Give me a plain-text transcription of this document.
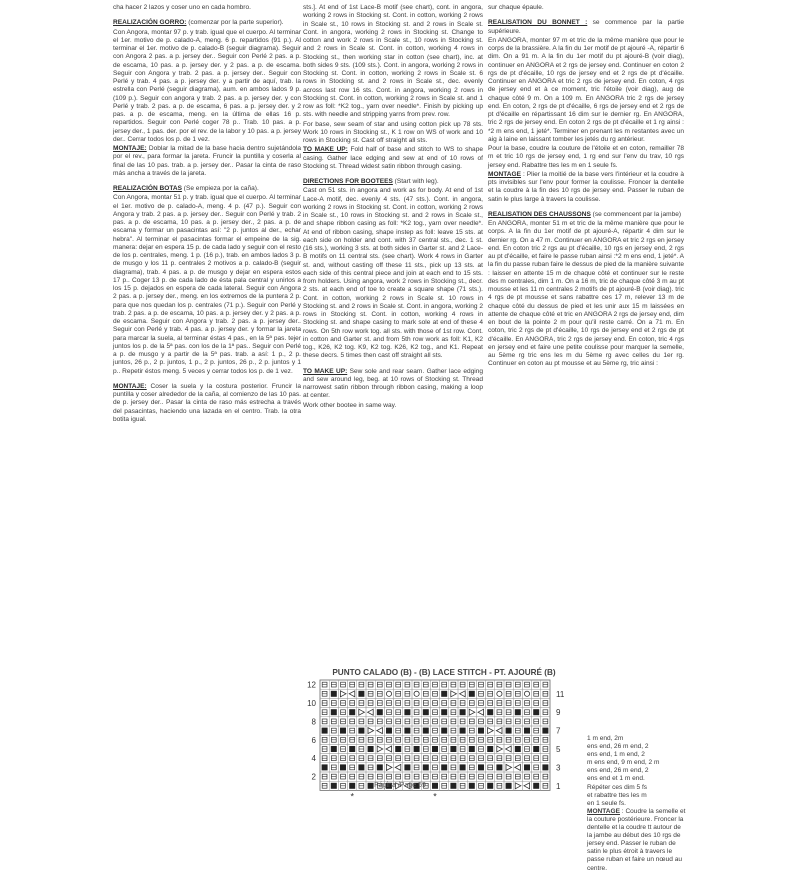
cha hacer 2 lazos y coser uno en cada hombro.

REALIZACIÓN GORRO: (comenzar por la parte superior).

Con Angora, montar 97 p. y trab. igual que el cuerpo. Al terminar el 1er. motivo de p. calado-A, meng. 6 p. repartidos (91 p.). Al terminar el 1er. motivo de p. calado-B (seguir diagrama). Seguir con Angora 2 pas. a p. jersey der.. Seguir con Perlé 2 pas. a p. de escama, 10 pas. a p. jersey der. y 2 pas. a p. de escama. Seguir con Angora y trab. 2 pas. a p. jersey der.. Seguir con Perlé y trab. 4 pas. a p. jersey der. y a partir de aquí, trab. la estrella con Perlé (seguir diagrama), aum. en ambos lados 9 p. (109 p.). Seguir con angora y trab. 2 pas. a p. jersey der. y con Perlé y trab. 2 pas. a p. de escama, 6 pas. a p. jersey der. y 2 pas. a p. de escama, meng. en la última de ellas 16 p. repartidos. Seguir con Perlé coger 78 p.. Trab. 10 pas. a p. jersey der., 1 pas. der. por el rev. de la labor y 10 pas. a p. jersey der.. Cerrar todos los p. de 1 vez.

MONTAJE: Doblar la mitad de la base hacia dentro sujetándola por el rev., para formar la jareta. Fruncir la puntilla y coserla al final de las 10 pas. trab. a p. jersey der.. Pasar la cinta de raso más ancha a través de la jareta.

REALIZACIÓN BOTAS (Se empieza por la caña).

Con Angora, montar 51 p. y trab. igual que el cuerpo. Al terminar el 1er. motivo de p. calado-A, meng. 4 p. (47 p.). Seguir con Angora y trab. 2 pas. a p. jersey der.. Seguir con Perlé y trab. 2 pas. a p. de escama, 10 pas. a p. jersey der., 2 pas. a p. de escama y formar un pasacintas así: "2 p. juntos al der., echar hebra". Al terminar el pasacintas formar el empeine de la sig. manera: dejar en espera 15 p. de cada lado y seguir con el resto de los p. centrales, meng. 1 p. (16 p.), trab. en ambos lados 3 p. de musgo y los 11 p. centrales 2 motivos a p. calado-B (seguir diagrama), trab. 4 pas. a p. de musgo y dejar en espera estos 17 p.. Coger 13 p. de cada lado de ésta pala central y unirlos a los 15 p. dejados en espera de cada lateral. Seguir con Angora 2 pas. a p. jersey der., meng. en los extremos de la puntera 2 p. para que nos quedan los p. centrales (71 p.). Seguir con Perlé y trab. 2 pas. a p. de escama, 10 pas. a p. jersey der. y 2 pas. a p. de escama. Seguir con Angora y trab. 2 pas. a p. jersey der.. Seguir con Perlé y trab. 4 pas. a p. jersey der. y formar la jareta para marcar la suela, al terminar éstas 4 pas., en la 5ª pas. tejer juntos los p. de la 5ª pas. con los de la 1ª pas.. Seguir con Perlé a p. de musgo y a partir de la 5ª pas. trab. a así: 1 p., 2 p. juntos, 26 p., 2 p. juntos, 1 p., 2 p. juntos, 26 p., 2 p. juntos y 1 p.. Repetir éstos meng. 5 veces y cerrar todos los p. de 1 vez.

MONTAJE: Coser la suela y la costura posterior. Fruncir la puntilla y coser alrededor de la caña, al comienzo de las 10 pas. de p. jersey der.. Pasar la cinta de raso más estrecha a través del pasacintas, haciendo una lazada en el centro. Trab. la otra botita igual.

sts.]. At end of 1st Lace-B motif (see chart), cont. in angora, working 2 rows in Stocking st. Cont. in cotton, working 2 rows in Scale st., 10 rows in Stocking st. and 2 rows in Scale st. Cont. in angora, working 2 rows in Stocking st. Change to cotton and work 2 rows in Scale st., 10 rows in Stocking st. and 2 rows in Scale st. Cont. in cotton, working 4 rows in Stocking st., then working star in cotton (see chart), inc. at both sides 9 sts. (109 sts.). Cont. in angora, working 2 rows in Stocking st. Cont. in cotton, working 2 rows in Scale st. 6 rows in Stocking st. and 2 rows in Scale st., dec. evenly across last row 16 sts. Cont. in angora, working 2 rows in Stocking st. Cont. in cotton, working 2 rows in Scale st. and 1 row as foll: *K2 tog., yarn over needle*. Finish by picking up sts. with needle and stripping yarns from prev. row.

For base, sew seam of star and using cotton pick up 78 sts. Work 10 rows in Stocking st., K 1 row on WS of work and 10 rows in Stocking st. Cast off straight all sts.

TO MAKE UP: Fold half of base and stitch to WS to shape casing. Gather lace edging and sew at end of 10 rows of Stocking st. Thread widest satin ribbon through casing.

DIRECTIONS FOR BOOTEES (Start with leg).

Cast on 51 sts. in angora and work as for body. At end of 1st Lace-A motif, dec. evenly 4 sts. (47 sts.). Cont. in angora, working 2 rows in Stocking st. Cont. in cotton, working 2 rows in Scale st., 10 rows in Stocking st. and 2 rows in Scale st., and shape ribbon casing as foll: *K2 tog., yarn over needle*. At end of ribbon casing, shape instep as foll: leave 15 sts. at each side on holder and cont. with 37 central sts., dec. 1 st. (16 sts.), working 3 sts. at both sides in Garter st. and 2 Lace-B motifs on 11 central sts. (see chart). Work 4 rows in Garter st. and, without casting off these 11 sts., pick up 13 sts. at each side of this central piece and join at each end to 15 sts. from holders. Using angora, work 2 rows in Stocking st., decr. 2 sts. at each end of toe to create a square shape (71 sts.). Cont. in cotton, working 2 rows in Scale st. 10 rows in Stocking st. and 2 rows in Scale st. Cont. in angora, working 2 rows in Stocking st. Cont. in cotton, working 4 rows in Stocking st. and shape casing to mark sole at end of these 4 rows. On 5th row work tog. all sts. with those of 1st row. Cont. in cotton and Garter st. and from 5th row work as foll: K1, K2 tog., K26, K2 tog. K9, K2 tog. K26, K2 tog., and K1. Repeat these decrs. 5 times then cast off straight all sts.

TO MAKE UP: Sew sole and rear seam. Gather lace edging and sew around leg, beg. at 10 rows of Stocking st. Thread narrowest satin ribbon through ribbon casing, making a loop at center.

Work other bootee in same way.

sur chaque épaule.

REALISATION DU BONNET : se commence par la partie supérieure.

En ANGORA, monter 97 m et tric de la même manière que pour le corps de la brassière. A la fin du 1er motif de pt ajouré -A, répartir 6 dim. On a 91 m. A la fin du 1er motif du pt ajouré-B (voir diag), continuer en ANGORA et 2 rgs de jersey end. Continuer en coton 2 rgs de pt d'écaille, 10 rgs de jersey end et 2 rgs de pt d'écaille. Continuer en ANGORA et tric 2 rgs de jersey end. En coton, 4 rgs de jersey end et à ce moment, tric l'étoile (voir diag), aug de chaque côté 9 m. On a 109 m. En ANGORA tric 2 rgs de jersey end. En coton, 2 rgs de pt d'écaille, 6 rgs de jersey end et 2 rgs de pt d'écaille en répartissant 16 dim sur le dernier rg. En ANGORA, tric 2 rgs de jersey end. En coton 2 rgs de pt d'écaille et 1 rg ainsi : *2 m ens end, 1 jeté*. Terminer en prenant les m restantes avec un aig à laine en laissant tomber les jetés du rg antérieur.

Pour la base, coudre la couture de l'étoile et en coton, remailler 78 m et tric 10 rgs de jersey end, 1 rg end sur l'env du trav, 10 rgs jersey end. Rabattre ttes les m en 1 seule fs.

MONTAGE : Plier la moitié de la base vers l'intérieur et la coudre à pts invisibles sur l'env pour former la coulisse. Froncer la dentelle et la coudre à la fin des 10 rgs de jersey end. Passer le ruban de satin le plus large à travers la coulisse.

REALISATION DES CHAUSSONS (se commencent par la jambe)

En ANGORA, monter 51 m et tric de la même manière que pour le corps. A la fin du 1er motif de pt ajouré-A, répartir 4 dim sur le dernier rg. On a 47 m. Continuer en ANGORA et tric 2 rgs en jersey end. En coton tric 2 rgs au pt d'écaille, 10 rgs en jersey end, 2 rgs au pt d'écaille, et faire le passe ruban ainsi :*2 m ens end, 1 jeté*. A la fin du passe ruban faire le dessus de pied de la manière suivante : laisser en attente 15 m de chaque côté et continuer sur le reste des m centrales, dim 1 m. On a 16 m, tric de chaque côté 3 m au pt mousse et les 11 m centrales 2 motifs de pt ajouré-B (voir diag). tric 4 rgs de pt mousse et sans rabattre ces 17 m, relever 13 m de chaque côté du dessus de pied et les unir aux 15 m laissées en attente de chaque côté et tric en ANGORA 2 rgs de jersey end, dim en bout de la pointe 2 m pour qu'il reste carré. On a 71 m. En coton, tric 2 rgs de pt d'écaille, 10 rgs de jersey end et 2 rgs de pt d'écaille. En ANGORA, tric 2 rgs de jersey end. En coton, tric 4 rgs en jersey end et faire une petite coulisse pour marquer la semelle, au 5ème rg tric ens les m du 5ème rg avec celles du 1er rg. Continuer en coton au pt mousse et au 5ème rg, tric ainsi :

1 m end, 2m

ens end, 26 m end, 2

ens end, 1 m end, 2

m ens end, 9 m end, 2 m

ens end, 26 m end, 2

ens end et 1 m end.

Répéter ces dim 5 fs

et rabattre ttes les m

en 1 seule fs.

MONTAGE : Coudre la semelle et la couture postérieure. Froncer la dentelle et la coudre tt autour de la jambe au début des 10 rgs de jersey end. Passer le ruban de satin le plus étroit à travers le passe ruban et faire un nœud au centre.

PUNTO CALADO (B) - (B) LACE STITCH - PT. AJOURÉ (B)
12
10
8
6
4
2
11
9
7
5
3
1
*	*
Página /Page 59
